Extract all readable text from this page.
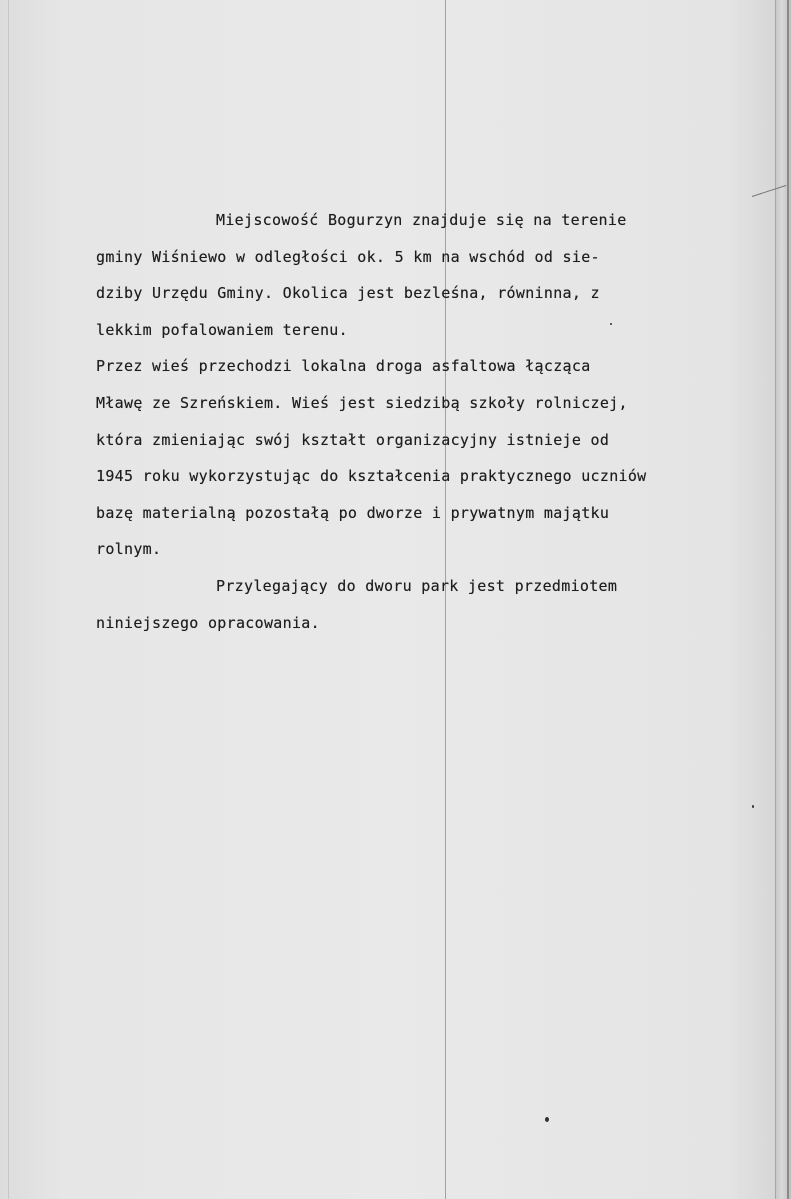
Miejscowość Bogurzyn znajduje się na terenie
gminy Wiśniewo w odległości ok. 5 km na wschód od sie-
dziby Urzędu Gminy. Okolica jest bezleśna, równinna, z
lekkim pofalowaniem terenu.
Przez wieś przechodzi lokalna droga asfaltowa łącząca
Mławę ze Szreńskiem. Wieś jest siedzibą szkoły rolniczej,
która zmieniając swój kształt organizacyjny istnieje od
1945 roku wykorzystując do kształcenia praktycznego uczniów
bazę materialną pozostałą po dworze i prywatnym majątku
rolnym.
Przylegający do dworu park jest przedmiotem
niniejszego opracowania.
